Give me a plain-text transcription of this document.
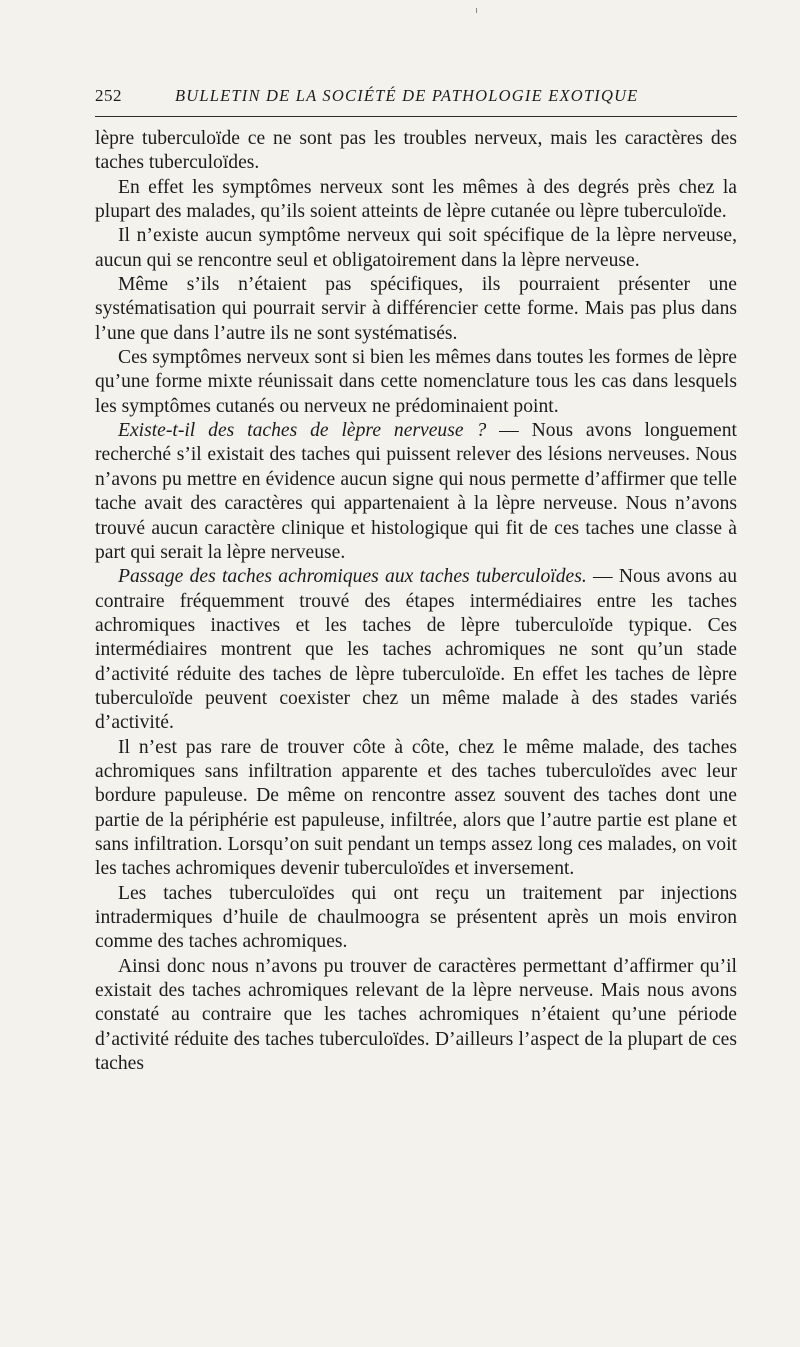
252	BULLETIN DE LA SOCIÉTÉ DE PATHOLOGIE EXOTIQUE

lèpre tuberculoïde ce ne sont pas les troubles nerveux, mais les caractères des taches tuberculoïdes.

En effet les symptômes nerveux sont les mêmes à des degrés près chez la plupart des malades, qu’ils soient atteints de lèpre cutanée ou lèpre tuberculoïde.

Il n’existe aucun symptôme nerveux qui soit spécifique de la lèpre nerveuse, aucun qui se rencontre seul et obligatoirement dans la lèpre nerveuse.

Même s’ils n’étaient pas spécifiques, ils pourraient présenter une systématisation qui pourrait servir à différencier cette forme. Mais pas plus dans l’une que dans l’autre ils ne sont systématisés.

Ces symptômes nerveux sont si bien les mêmes dans toutes les formes de lèpre qu’une forme mixte réunissait dans cette nomenclature tous les cas dans lesquels les symptômes cutanés ou nerveux ne prédominaient point.

Existe-t-il des taches de lèpre nerveuse ? — Nous avons longuement recherché s’il existait des taches qui puissent relever des lésions nerveuses. Nous n’avons pu mettre en évidence aucun signe qui nous permette d’affirmer que telle tache avait des caractères qui appartenaient à la lèpre nerveuse. Nous n’avons trouvé aucun caractère clinique et histologique qui fit de ces taches une classe à part qui serait la lèpre nerveuse.

Passage des taches achromiques aux taches tuberculoïdes. — Nous avons au contraire fréquemment trouvé des étapes intermédiaires entre les taches achromiques inactives et les taches de lèpre tuberculoïde typique. Ces intermédiaires montrent que les taches achromiques ne sont qu’un stade d’activité réduite des taches de lèpre tuberculoïde. En effet les taches de lèpre tuberculoïde peuvent coexister chez un même malade à des stades variés d’activité.

Il n’est pas rare de trouver côte à côte, chez le même malade, des taches achromiques sans infiltration apparente et des taches tuberculoïdes avec leur bordure papuleuse. De même on rencontre assez souvent des taches dont une partie de la périphérie est papuleuse, infiltrée, alors que l’autre partie est plane et sans infiltration. Lorsqu’on suit pendant un temps assez long ces malades, on voit les taches achromiques devenir tuberculoïdes et inversement.

Les taches tuberculoïdes qui ont reçu un traitement par injections intradermiques d’huile de chaulmoogra se présentent après un mois environ comme des taches achromiques.

Ainsi donc nous n’avons pu trouver de caractères permettant d’affirmer qu’il existait des taches achromiques relevant de la lèpre nerveuse. Mais nous avons constaté au contraire que les taches achromiques n’étaient qu’une période d’activité réduite des taches tuberculoïdes. D’ailleurs l’aspect de la plupart de ces taches
